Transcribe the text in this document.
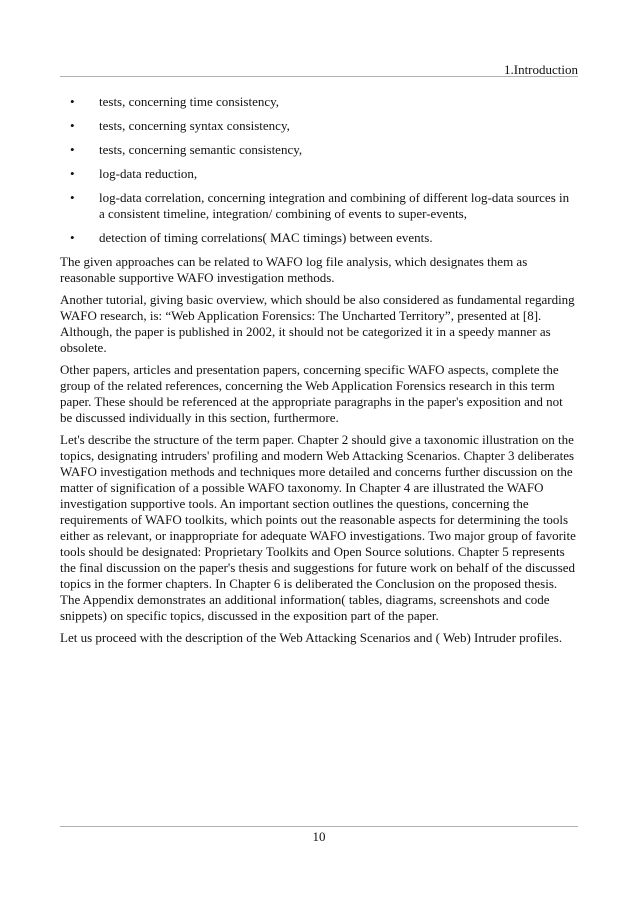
1.Introduction
• tests, concerning time consistency,
• tests, concerning syntax consistency,
• tests, concerning semantic consistency,
• log-data reduction,
• log-data correlation, concerning integration and combining of different log-data sources in a consistent timeline, integration/ combining of events to super-events,
• detection of timing correlations( MAC timings) between events.

The given approaches can be related to WAFO log file analysis, which designates them as reasonable supportive WAFO investigation methods.

Another tutorial, giving basic overview, which should be also considered as fundamental regarding WAFO research, is: “Web Application Forensics: The Uncharted Territory”, presented at [8]. Although, the paper is published in 2002, it should not be categorized it in a speedy manner as obsolete.

Other papers, articles and presentation papers, concerning specific WAFO aspects, complete the group of the related references, concerning the Web Application Forensics research in this term paper. These should be referenced at the appropriate paragraphs in the paper's exposition and not be discussed individually in this section, furthermore.

Let's describe the structure of the term paper. Chapter 2 should give a taxonomic illustration on the topics, designating intruders' profiling and modern Web Attacking Scenarios. Chapter 3 deliberates WAFO investigation methods and techniques more detailed and concerns further discussion on the matter of signification of a possible WAFO taxonomy. In Chapter 4 are illustrated the WAFO investigation supportive tools. An important section outlines the questions, concerning the requirements of WAFO toolkits, which points out the reasonable aspects for determining the tools either as relevant, or inappropriate for adequate WAFO investigations. Two major group of favorite tools should be designated: Proprietary Toolkits and Open Source solutions. Chapter 5 represents the final discussion on the paper's thesis and suggestions for future work on behalf of the discussed topics in the former chapters. In Chapter 6 is deliberated the Conclusion on the proposed thesis. The Appendix demonstrates an additional information( tables, diagrams, screenshots and code snippets) on specific topics, discussed in the exposition part of the paper.

Let us proceed with the description of the Web Attacking Scenarios and ( Web) Intruder profiles.

10
